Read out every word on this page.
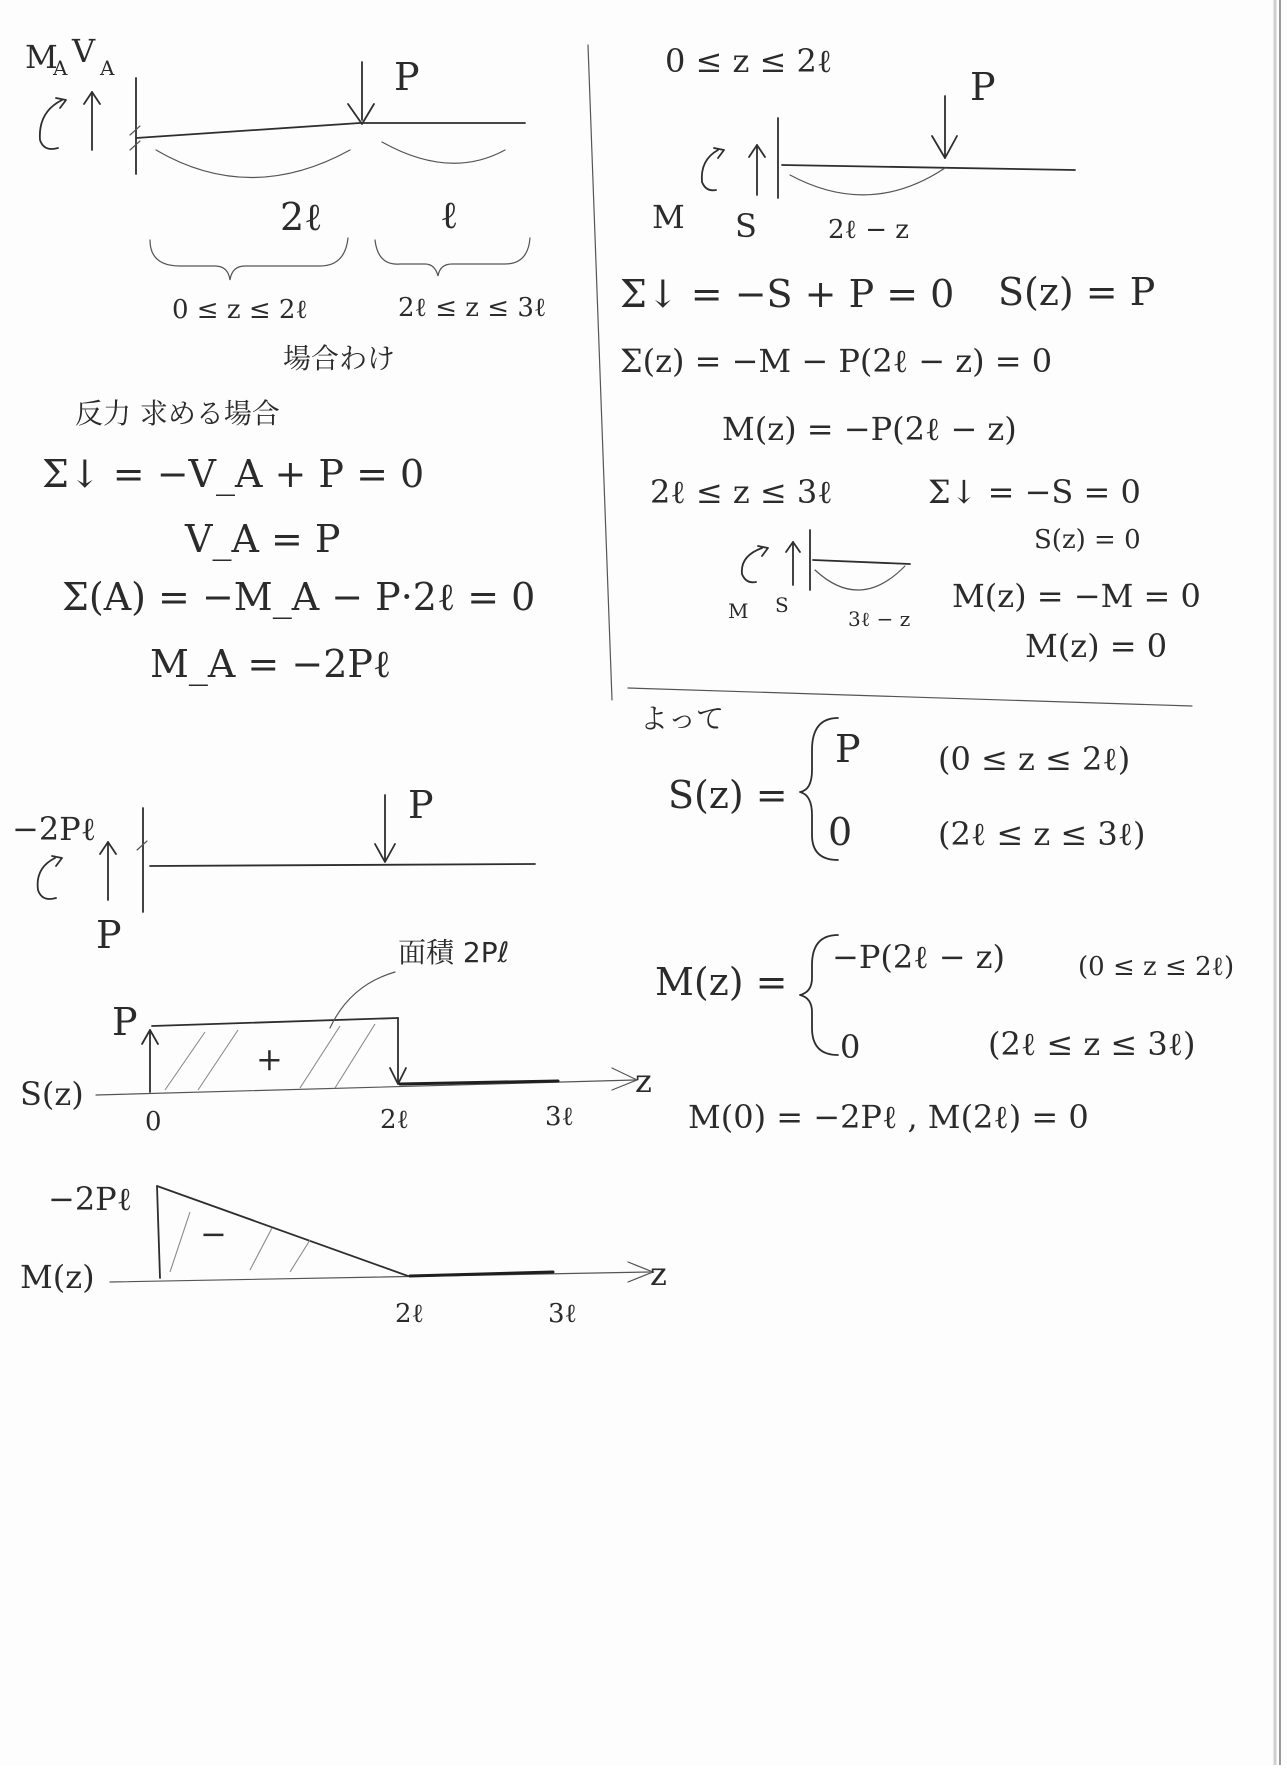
M
A V A	P
2ℓ	ℓ
0 ≤ z ≤ 2ℓ	2ℓ ≤ z ≤ 3ℓ
場合わけ
反力 求める場合
Σ↓ = −V_A + P = 0
V_A = P
Σ(A) = −M_A − P·2ℓ = 0
M_A = −2Pℓ
−2Pℓ
P
P
S(z)	z
P
+
面積 2Pℓ
0	2ℓ	3ℓ
−2Pℓ
M(z)	z
−
2ℓ	3ℓ
0 ≤ z ≤ 2ℓ
P
M S	2ℓ − z
Σ↓ = −S + P = 0 S(z) = P
Σ(z) = −M − P(2ℓ − z) = 0
M(z) = −P(2ℓ − z)
2ℓ ≤ z ≤ 3ℓ	Σ↓ = −S = 0
S(z) = 0
M S
3ℓ − z
M(z) = −M = 0
M(z) = 0
よって
S(z) =
P (0 ≤ z ≤ 2ℓ)
0	(2ℓ ≤ z ≤ 3ℓ)
M(z) =
−P(2ℓ − z)	(0 ≤ z ≤ 2ℓ)
0	(2ℓ ≤ z ≤ 3ℓ)
M(0) = −2Pℓ , M(2ℓ) = 0
